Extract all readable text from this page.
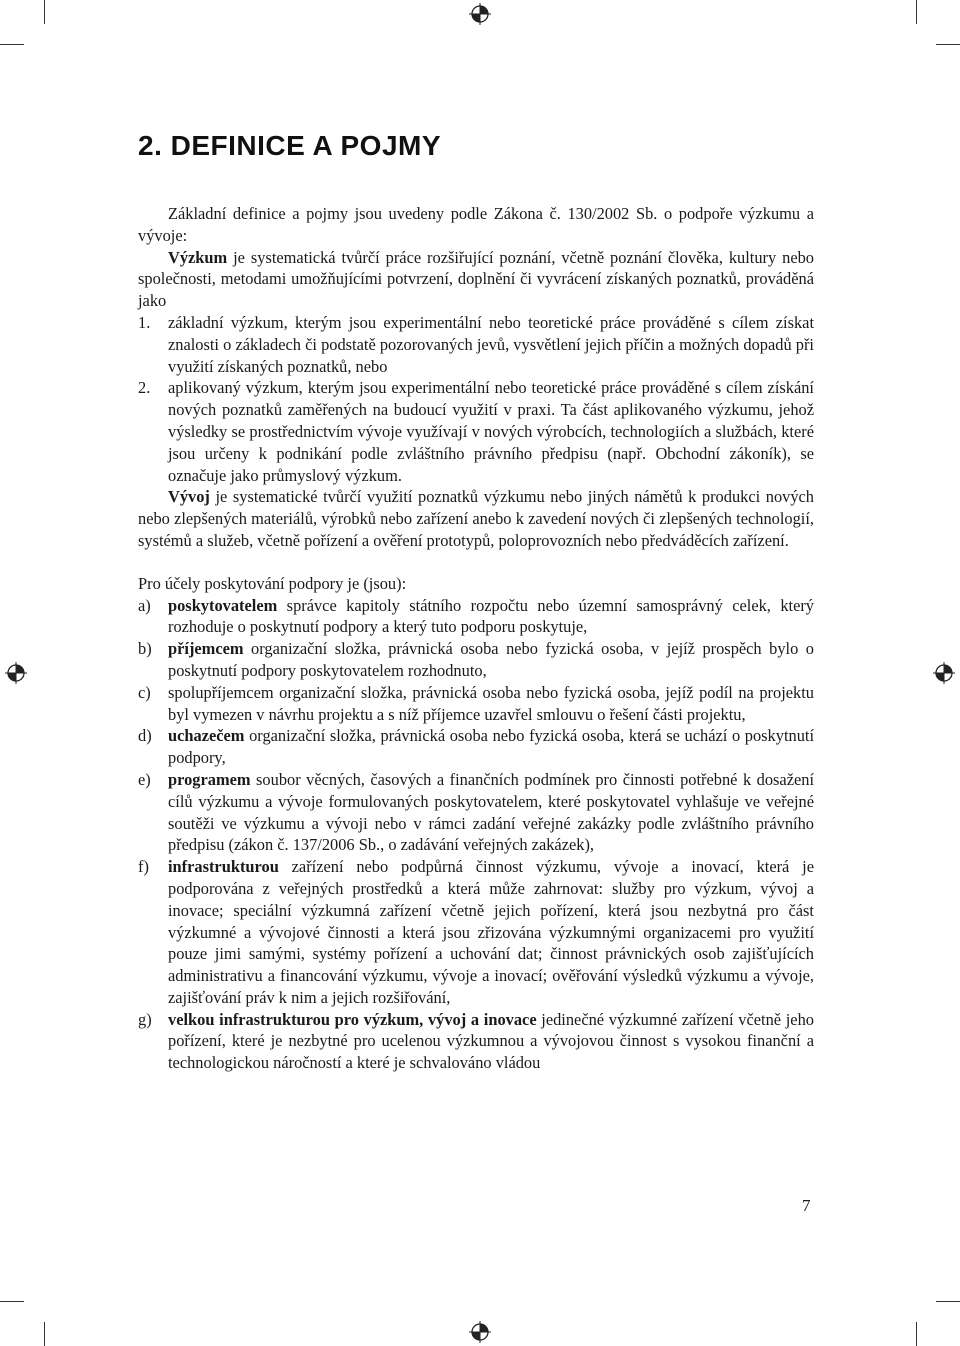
2. DEFINICE A POJMY

Základní definice a pojmy jsou uvedeny podle Zákona č. 130/2002 Sb. o podpoře výzkumu a vývoje:

Výzkum je systematická tvůrčí práce rozšiřující poznání, včetně poznání člověka, kultury nebo společnosti, metodami umožňujícími potvrzení, doplnění či vyvrácení získaných poznatků, prováděná jako

1.	základní výzkum, kterým jsou experimentální nebo teoretické práce prováděné s cílem získat znalosti o základech či podstatě pozorovaných jevů, vysvětlení jejich příčin a možných dopadů při využití získaných poznatků, nebo
2.	aplikovaný výzkum, kterým jsou experimentální nebo teoretické práce prováděné s cílem získání nových poznatků zaměřených na budoucí využití v praxi. Ta část aplikovaného výzkumu, jehož výsledky se prostřednictvím vývoje využívají v nových výrobcích, technologiích a službách, které jsou určeny k podnikání podle zvláštního právního předpisu (např. Obchodní zákoník), se označuje jako průmyslový výzkum.

Vývoj je systematické tvůrčí využití poznatků výzkumu nebo jiných námětů k produkci nových nebo zlepšených materiálů, výrobků nebo zařízení anebo k zavedení nových či zlepšených technologií, systémů a služeb, včetně pořízení a ověření prototypů, poloprovozních nebo předváděcích zařízení.

Pro účely poskytování podpory je (jsou):

a)	poskytovatelem správce kapitoly státního rozpočtu nebo územní samosprávný celek, který rozhoduje o poskytnutí podpory a který tuto podporu poskytuje,
b) příjemcem organizační složka, právnická osoba nebo fyzická osoba, v jejíž prospěch bylo o poskytnutí podpory poskytovatelem rozhodnuto,
c)	spolupříjemcem organizační složka, právnická osoba nebo fyzická osoba, jejíž podíl na projektu byl vymezen v návrhu projektu a s níž příjemce uzavřel smlouvu o řešení části projektu,
d) uchazečem organizační složka, právnická osoba nebo fyzická osoba, která se uchází o poskytnutí podpory,
e)	programem soubor věcných, časových a finančních podmínek pro činnosti potřebné k dosažení cílů výzkumu a vývoje formulovaných poskytovatelem, které poskytovatel vyhlašuje ve veřejné soutěži ve výzkumu a vývoji nebo v rámci zadání veřejné zakázky podle zvláštního právního předpisu (zákon č. 137/2006 Sb., o zadávání veřejných zakázek),
f)	infrastrukturou zařízení nebo podpůrná činnost výzkumu, vývoje a inovací, která je podporována z veřejných prostředků a která může zahrnovat: služby pro výzkum, vývoj a inovace; speciální výzkumná zařízení včetně jejich pořízení, která jsou nezbytná pro část výzkumné a vývojové činnosti a která jsou zřizována výzkumnými organizacemi pro využití pouze jimi samými, systémy pořízení a uchování dat; činnost právnických osob zajišťujících administrativu a financování výzkumu, vývoje a inovací; ověřování výsledků výzkumu a vývoje, zajišťování práv k nim a jejich rozšiřování,
g) velkou infrastrukturou pro výzkum, vývoj a inovace jedinečné výzkumné zařízení včetně jeho pořízení, které je nezbytné pro ucelenou výzkumnou a vývojovou činnost s vysokou finanční a technologickou náročností a které je schvalováno vládou
7
